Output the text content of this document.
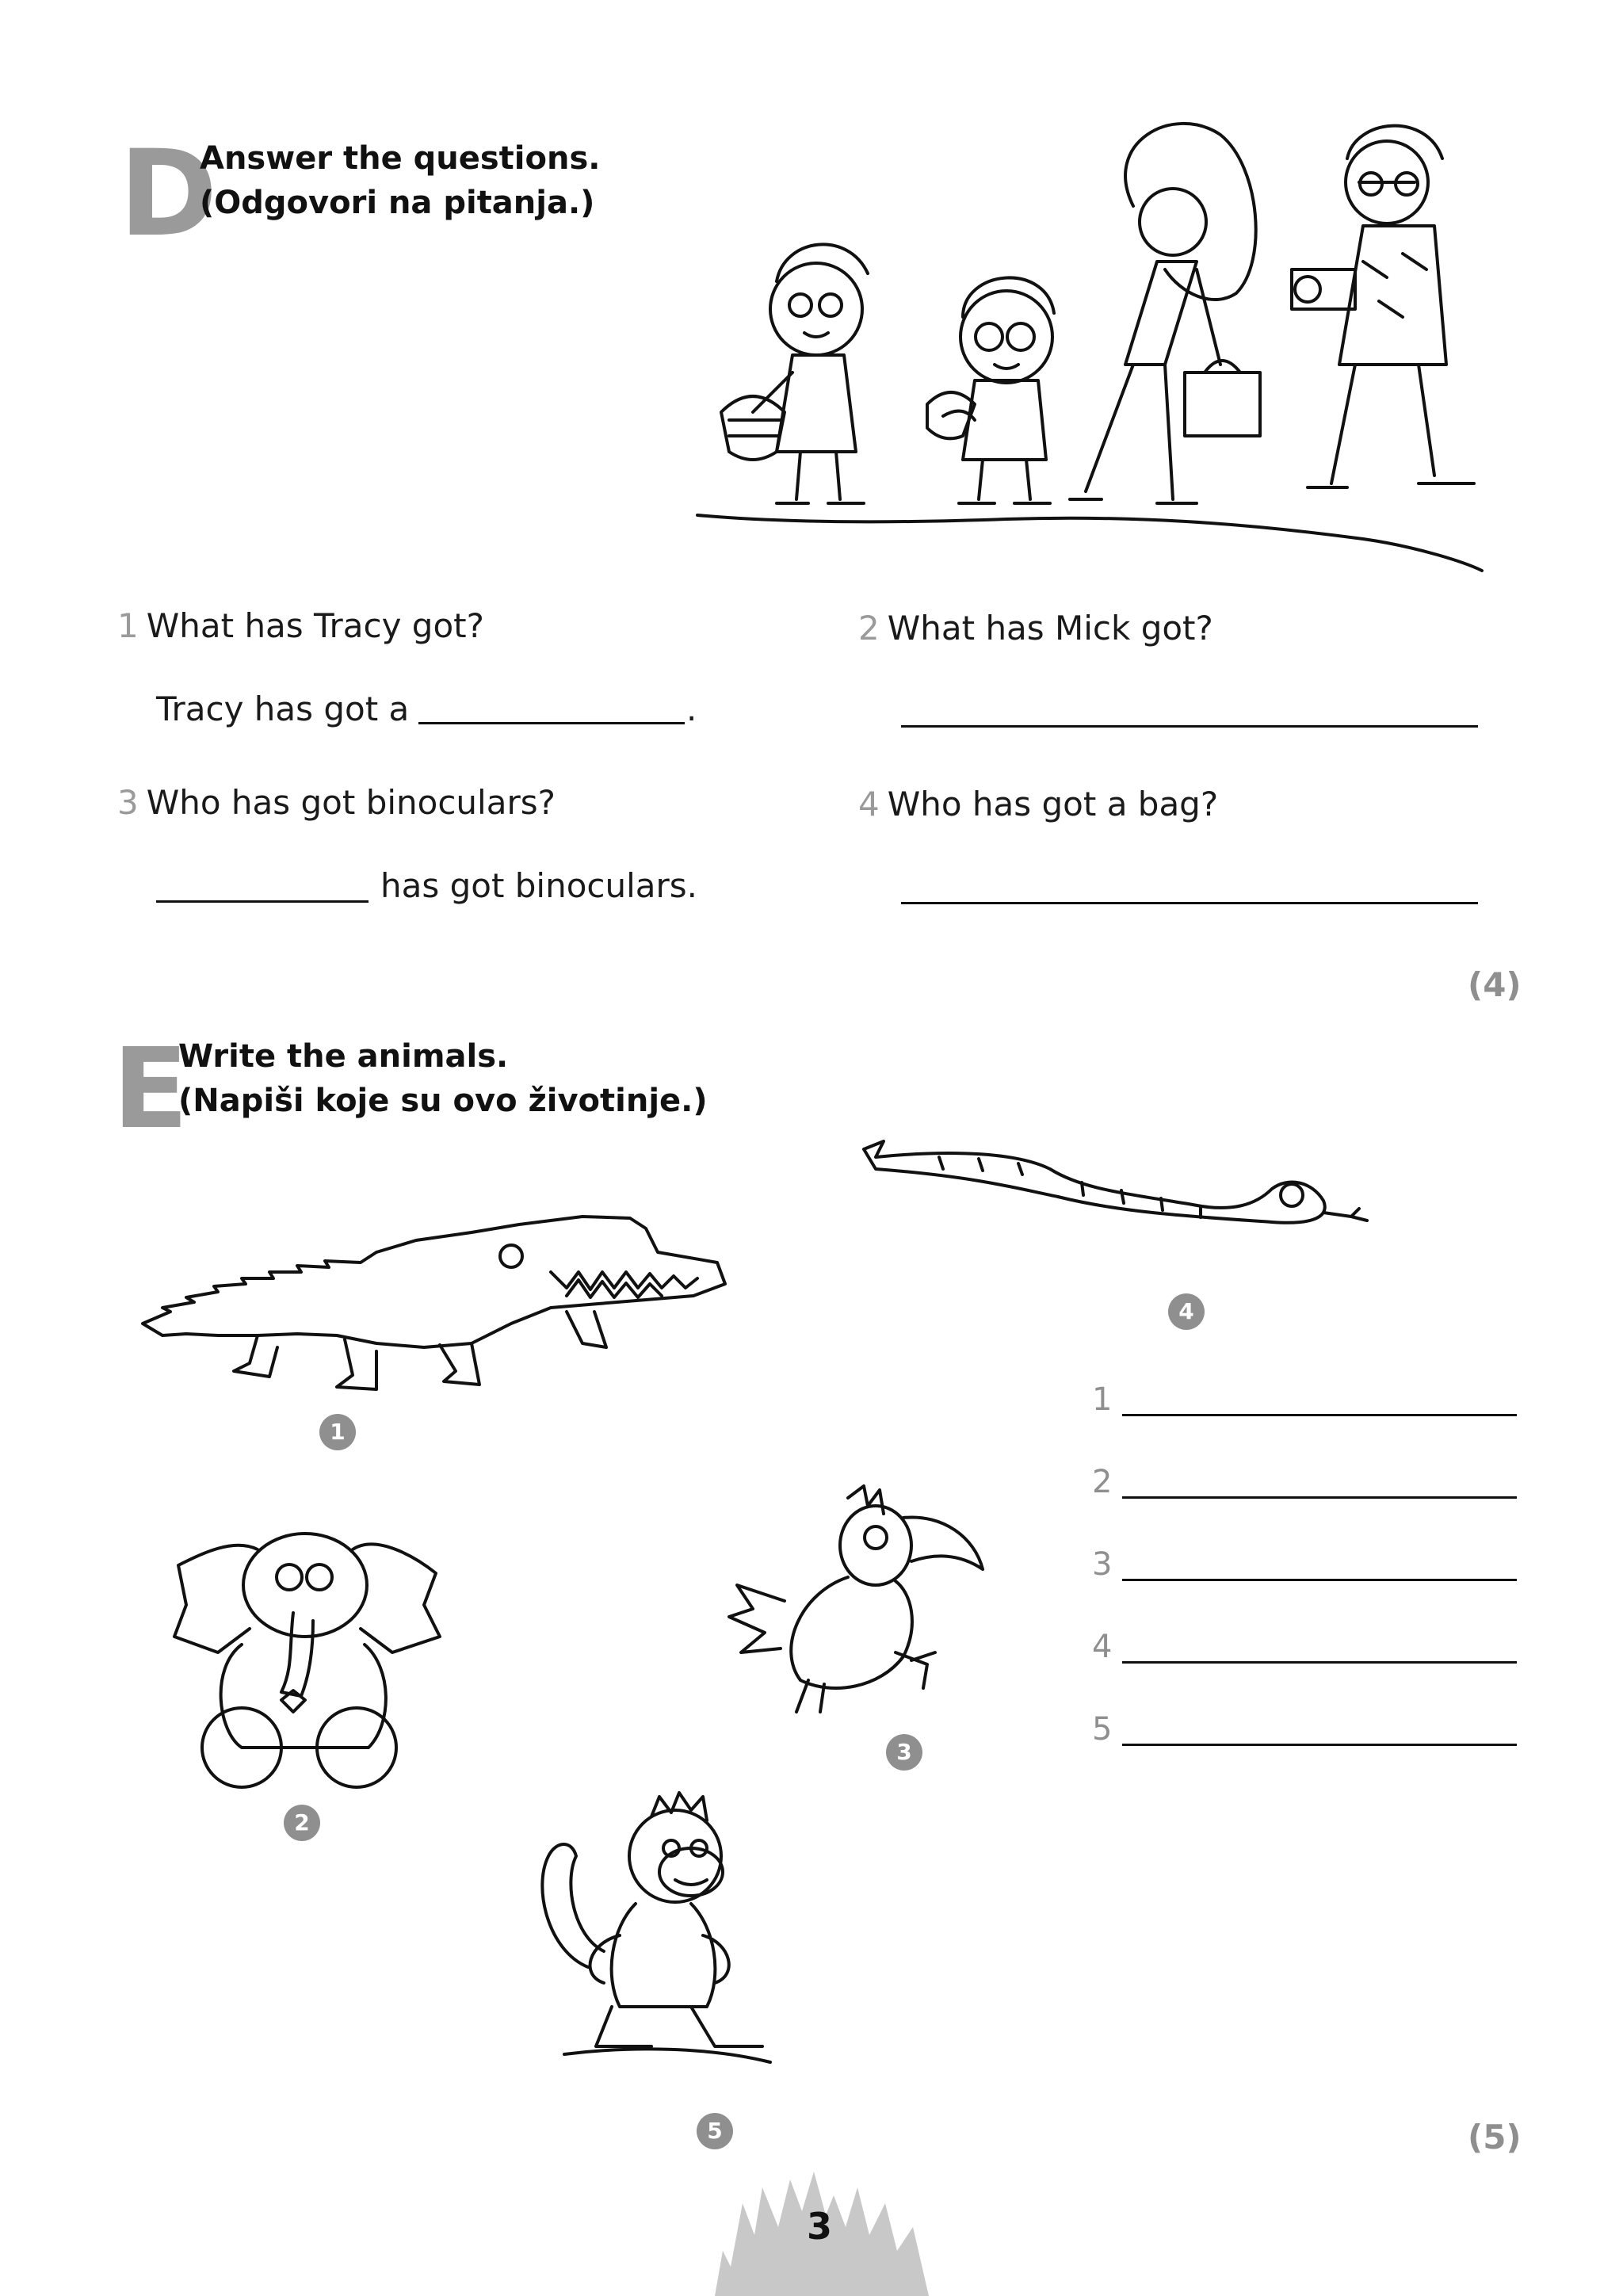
D
Answer the questions.
(Odgovori na pitanja.)
1 What has Tracy got?	2 What has Mick got?
Tracy has got a	.
3 Who has got binoculars?	4 Who has got a bag?
has got binoculars.
(4)
E
Write the animals.
(Napiši koje su ovo životinje.)
4
1
1
2
3
4
5
2
3
5	(5)
3
